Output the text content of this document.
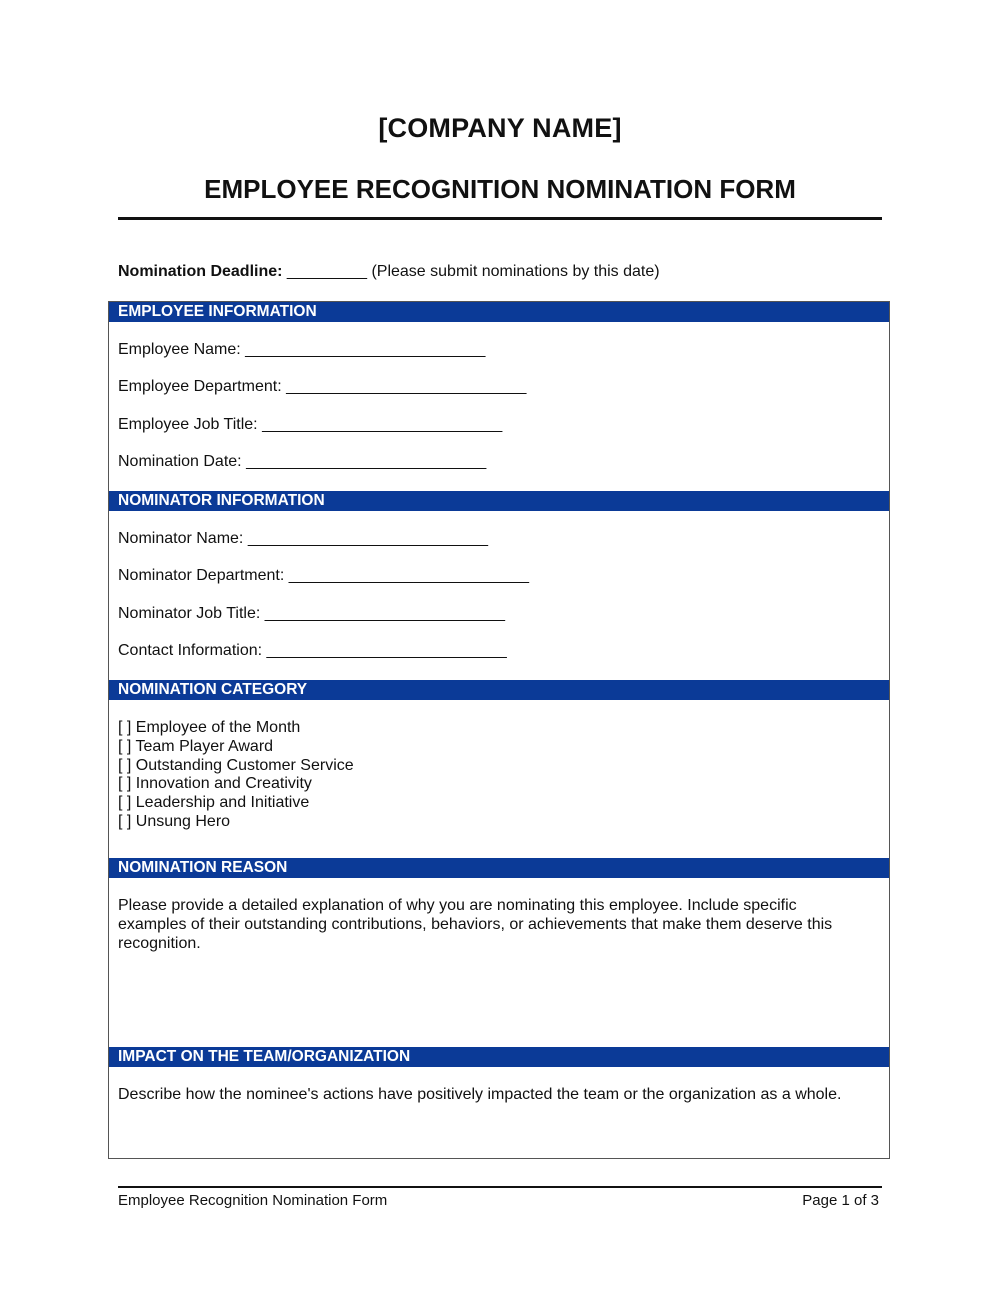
[COMPANY NAME]
EMPLOYEE RECOGNITION NOMINATION FORM
Nomination Deadline: _________ (Please submit nominations by this date)
EMPLOYEE INFORMATION
Employee Name: ___________________________
Employee Department: ___________________________
Employee Job Title: ___________________________
Nomination Date: ___________________________
NOMINATOR INFORMATION
Nominator Name: ___________________________
Nominator Department: ___________________________
Nominator Job Title: ___________________________
Contact Information: ___________________________
NOMINATION CATEGORY
[ ] Employee of the Month
[ ] Team Player Award
[ ] Outstanding Customer Service
[ ] Innovation and Creativity
[ ] Leadership and Initiative
[ ] Unsung Hero
NOMINATION REASON
Please provide a detailed explanation of why you are nominating this employee. Include specific examples of their outstanding contributions, behaviors, or achievements that make them deserve this recognition.
IMPACT ON THE TEAM/ORGANIZATION
Describe how the nominee's actions have positively impacted the team or the organization as a whole.
Employee Recognition Nomination Form	Page 1 of 3
